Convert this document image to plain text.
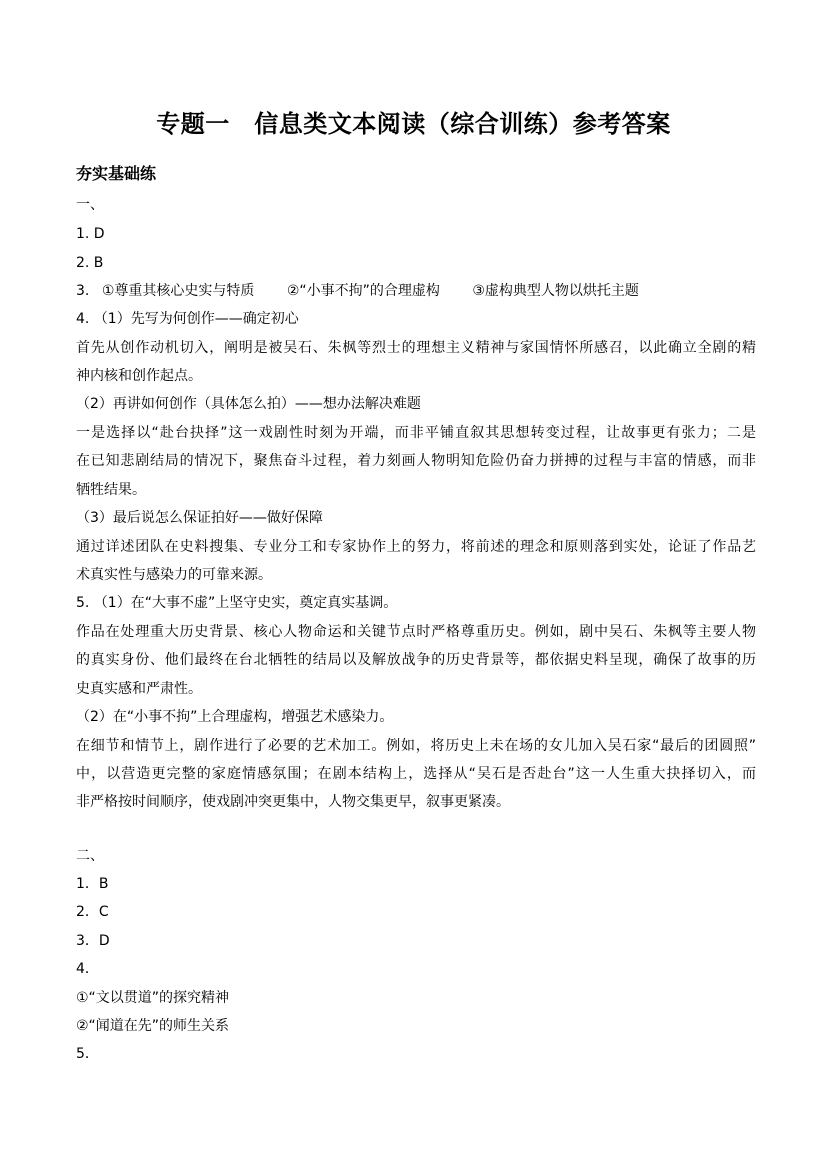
专题一　信息类文本阅读（综合训练）参考答案
夯实基础练
一、
1. D
2. B
3. ①尊重其核心史实与特质 ②“小事不拘”的合理虚构 ③虚构典型人物以烘托主题
4. （1）先写为何创作——确定初心
首先从创作动机切入，阐明是被吴石、朱枫等烈士的理想主义精神与家国情怀所感召，以此确立全剧的精
神内核和创作起点。
（2）再讲如何创作（具体怎么拍）——想办法解决难题
一是选择以“赴台抉择”这一戏剧性时刻为开端，而非平铺直叙其思想转变过程，让故事更有张力；二是
在已知悲剧结局的情况下，聚焦奋斗过程，着力刻画人物明知危险仍奋力拼搏的过程与丰富的情感，而非
牺牲结果。
（3）最后说怎么保证拍好——做好保障
通过详述团队在史料搜集、专业分工和专家协作上的努力，将前述的理念和原则落到实处，论证了作品艺
术真实性与感染力的可靠来源。
5. （1）在“大事不虚”上坚守史实，奠定真实基调。
作品在处理重大历史背景、核心人物命运和关键节点时严格尊重历史。例如，剧中吴石、朱枫等主要人物
的真实身份、他们最终在台北牺牲的结局以及解放战争的历史背景等，都依据史料呈现，确保了故事的历
史真实感和严肃性。
（2）在“小事不拘”上合理虚构，增强艺术感染力。
在细节和情节上，剧作进行了必要的艺术加工。例如，将历史上未在场的女儿加入吴石家“最后的团圆照”
中，以营造更完整的家庭情感氛围；在剧本结构上，选择从“吴石是否赴台”这一人生重大抉择切入，而
非严格按时间顺序，使戏剧冲突更集中，人物交集更早，叙事更紧凑。
二、
1．B
2．C
3．D
4．
①“文以贯道”的探究精神
②“闻道在先”的师生关系
5．
